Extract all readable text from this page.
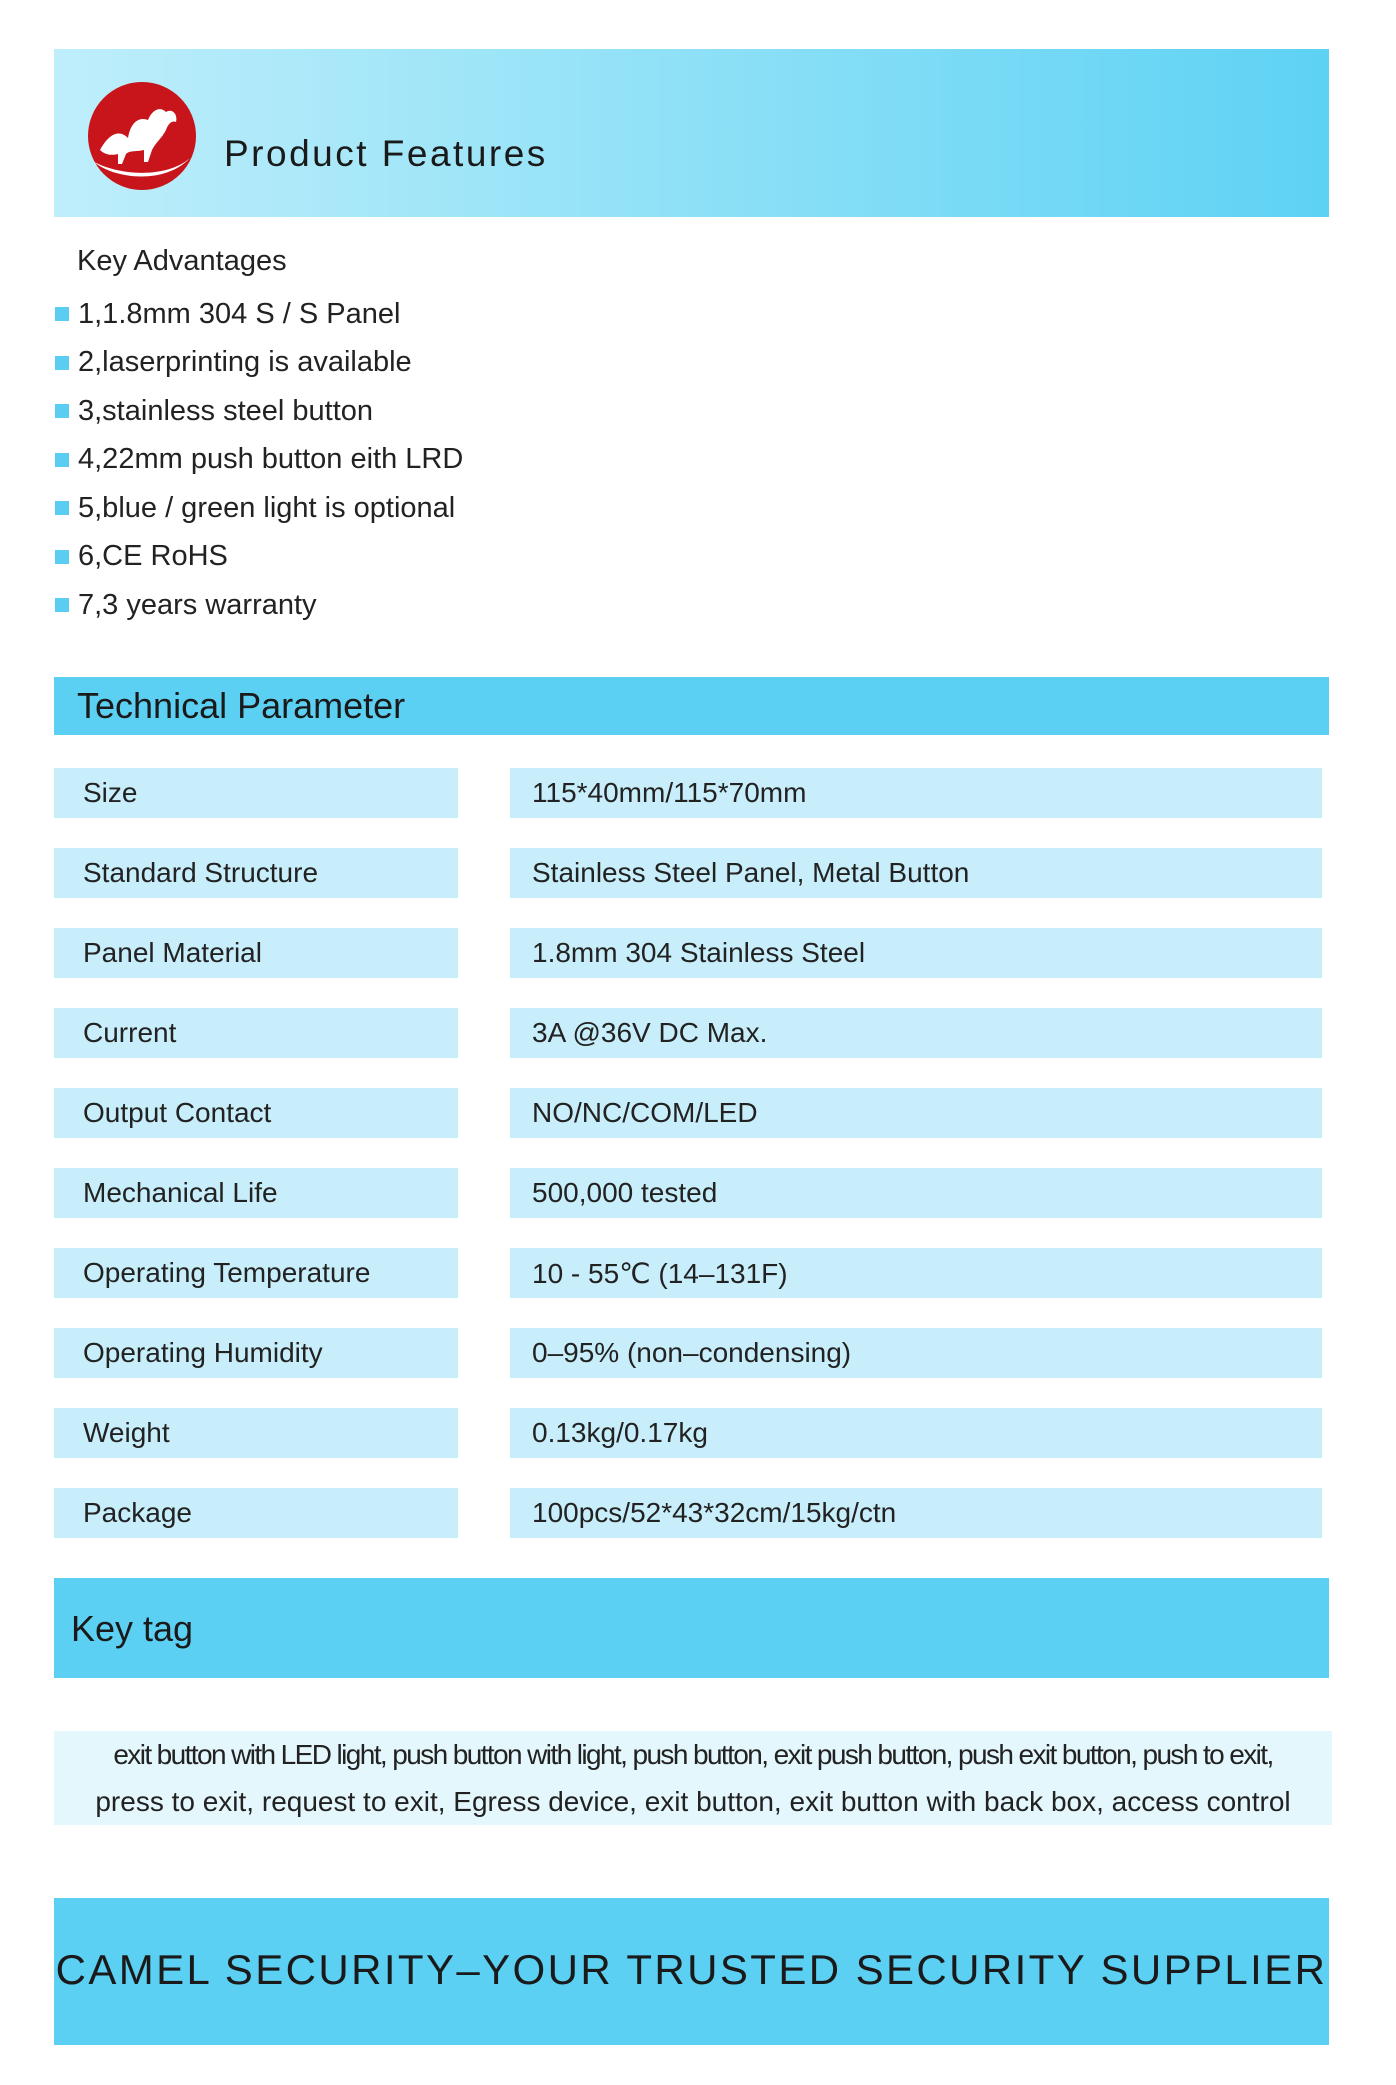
Product Features
Key Advantages
1,1.8mm 304 S / S Panel
2,laserprinting is available
3,stainless steel button
4,22mm push button eith LRD
5,blue / green light is optional
6,CE RoHS
7,3 years warranty
Technical Parameter
Size	115*40mm/115*70mm
Standard Structure	Stainless Steel Panel, Metal Button
Panel Material	1.8mm 304 Stainless Steel
Current	3A @36V DC Max.
Output Contact	NO/NC/COM/LED
Mechanical Life	500,000 tested
Operating Temperature	10 - 55℃ (14–131F)
Operating Humidity	0–95% (non–condensing)
Weight	0.13kg/0.17kg
Package	100pcs/52*43*32cm/15kg/ctn
Key tag
exit button with LED light, push button with light, push button, exit push button, push exit button, push to exit,
press to exit, request to exit, Egress device, exit button, exit button with back box, access control
CAMEL SECURITY–YOUR TRUSTED SECURITY SUPPLIER
